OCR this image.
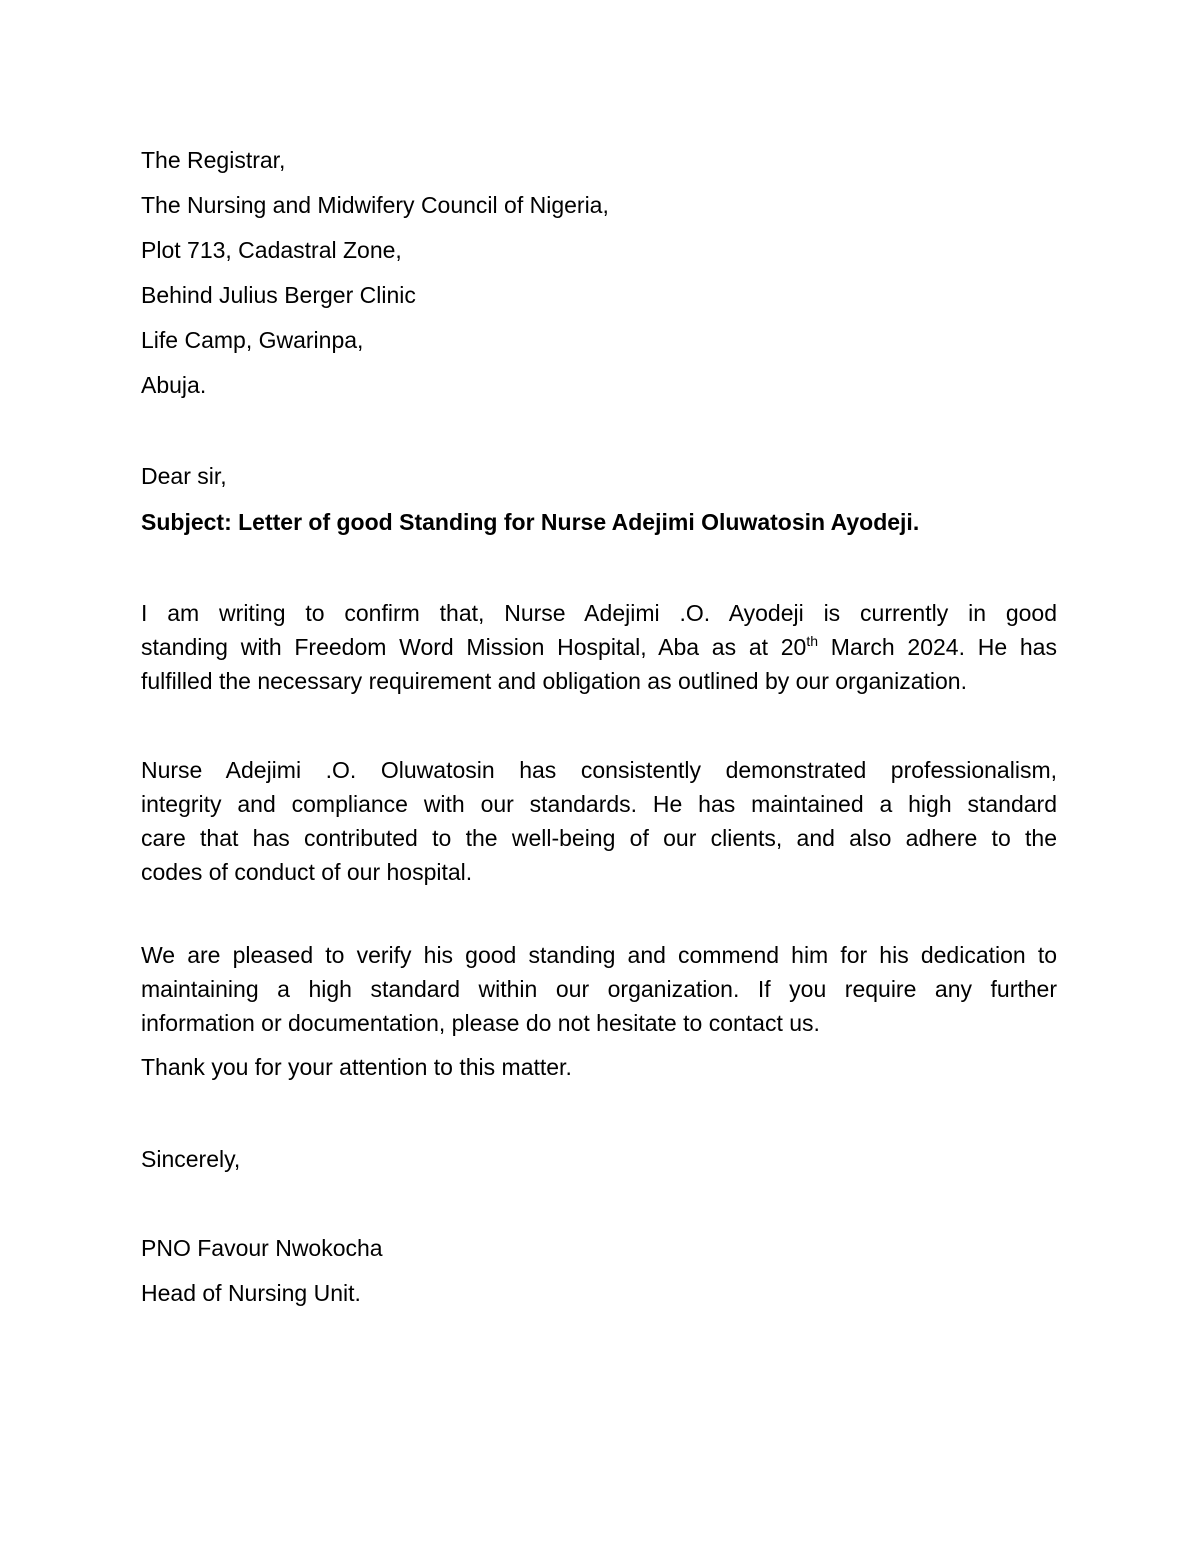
The Registrar,
The Nursing and Midwifery Council of Nigeria,
Plot 713, Cadastral Zone,
Behind Julius Berger Clinic
Life Camp, Gwarinpa,
Abuja.
Dear sir,
Subject: Letter of good Standing for Nurse Adejimi Oluwatosin Ayodeji.
I am writing to confirm that, Nurse Adejimi .O. Ayodeji is currently in good
standing with Freedom Word Mission Hospital, Aba as at 20th March 2024. He has
fulfilled the necessary requirement and obligation as outlined by our organization.
Nurse Adejimi .O. Oluwatosin has consistently demonstrated professionalism,
integrity and compliance with our standards. He has maintained a high standard
care that has contributed to the well-being of our clients, and also adhere to the
codes of conduct of our hospital.
We are pleased to verify his good standing and commend him for his dedication to
maintaining a high standard within our organization. If you require any further
information or documentation, please do not hesitate to contact us.
Thank you for your attention to this matter.
Sincerely,
PNO Favour Nwokocha
Head of Nursing Unit.
